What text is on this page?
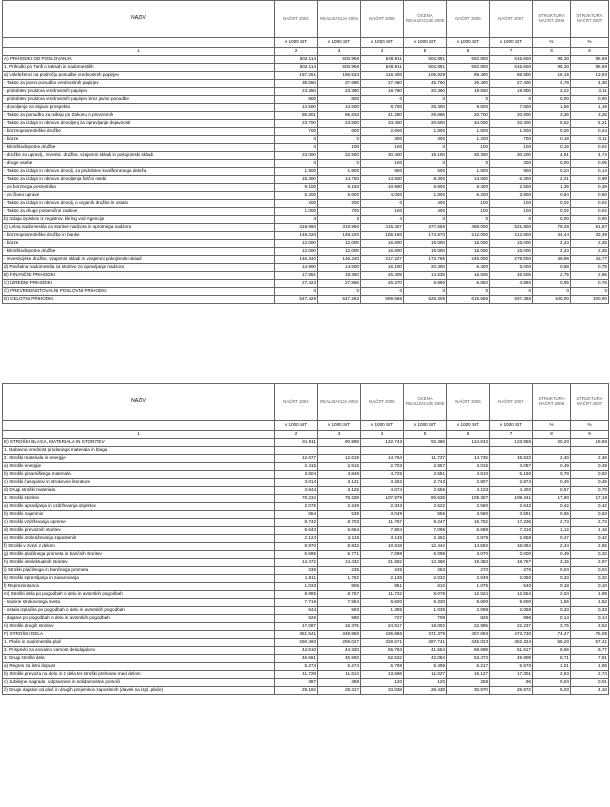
NAZIV	NAČRT 2004	REALIZACIJA 2004	NAČRT 2005	OCENA REALIZACIJE 2005	NAČRT 2006	NAČRT 2007	STRUKTURA NAČRT 2006	STRUKTURA NAČRT 2007
	v 1000 SIT	v 1000 SIT	v 1000 SIT	v 1000 SIT	v 1000 SIT	v 1000 SIT	%	%
1	2	3	4	5	6	7	8	9
A) PRIHODKI OD POSLOVANJA	502.114	500.956	548.911	504.881	592.800	615.600	96,30	96,59
1. Prihodki po Tarifi o taksah in nadomestilih	502.114	500.956	548.911	504.881	592.800	615.600	96,30	96,59
a) Udeleženci na področju ponudbe vrednostnih papirjev	167.251	166.533	118.400	106.929	99.400	88.800	16,15	13,93
- Takse za javno ponudbo vrednostnih papirjev	38.650	37.680	27.460	45.760	29.400	27.400	4,78	4,30
- pridobitev prostora vrednostnih papirjev	23.350	23.380	18.780	20.360	19.800	19.800	3,22	3,11
- pridobitev prostora vrednostnih papirjev brez javne ponudbe	800	800	0	0	0	0	0,00	0,00
- dovoljenje za objavo prospekta	14.500	13.500	8.700	25.400	9.600	7.600	1,56	1,19
- Takse za ponudbo za odkup po Zakonu o prevzemih	85.801	86.833	41.280	29.866	20.700	20.800	3,36	3,26
- Takse za izdajo in obnovo dovoljenj za opravljanje dejavnosti	23.700	23.600	33.400	20.500	34.000	33.300	5,52	5,21
- borznoposredniške družbe	700	600	2.600	1.800	1.600	1.500	0,26	0,24
- borze	0	0	300	300	1.200	700	0,19	0,11
- klirinškodepotne družbe	0	100	100	0	100	100	0,16	0,02
- družbe za upravlj., investic. družbe, vzajemni skladi in pokojninski skladi	23.000	22.900	30.400	19.100	30.300	30.200	4,91	4,74
- druge osebe	0	0	100	0	0	300	0,00	0,05
- Takse za izdajo in obnovo dovolj. za pridobitev kvalificiranega deleža	1.900	1.900	900	500	1.500	900	0,24	0,14
- Takse za izdajo in obnovo dovoljenja fizični osebi	15.300	14.750	14.500	8.300	13.600	6.300	2,21	0,99
- za borznega posrednika	9.100	9.150	10.900	6.800	8.400	2.500	1,36	0,39
- za člana uprave	6.200	5.600	4.000	1.800	5.200	3.800	0,84	0,60
- Takse za izdajo in obnovo dovolj. o organih družbe in ostalo	200	200	0	400	100	100	0,02	0,02
- Takse za druge posamične zadeve	1.000	700	100	400	100	100	0,02	0,02
b) Izdaja izpiskov iz registrov, kliring vod Agencije	3	3	4	0	0	0	0,00	0,00
c) Letna nadomestila za storitve nadzora in sprotnega nadzora	319.960	319.960	415.407	377.656	488.000	521.800	79,28	81,87
- borznoposredniške družbe in banke	149.220	149.220	168.180	174.870	212.000	212.800	34,44	33,39
- borze	12.000	12.000	15.000	15.000	15.000	15.000	2,44	2,35
- klirinškodepotne družbe	12.000	12.000	15.000	15.000	15.000	15.000	2,44	2,35
- investicijske družbe, vzajemni skladi in vzajemni pokojninski skladi	146.340	146.340	217.227	172.785	246.000	279.000	39,96	43,77
d) Pavšalna nadomestila za storitve za opravljanje nadzora	14.900	14.500	15.100	20.300	5.400	5.000	0,88	0,78
B) FINANČNI PRIHODKI	17.852	18.360	25.405	14.538	16.505	16.505	2,75	2,65
C) IZREDNI PRIHODKI	27.423	27.866	25.370	6.890	5.860	4.860	0,95	0,76
Č) PREVREDNOTOVALNI POSLOVNI PRIHODKI	0	0	0	0	0	0	0	0
D) CELOTNI PRIHODKI	547.429	547.262	599.686	526.309	615.665	637.365	100,00	100,00
NAZIV	NAČRT 2004	REALIZACIJA 2004	NAČRT 2005	OCENA REALIZACIJE 2005	NAČRT 2006	NAČRT 2007	STRUKTURA NAČRT 2006	STRUKTURA NAČRT 2007
	v 1000 SIT	v 1000 SIT	v 1000 SIT	v 1000 SIT	v 1000 SIT	v 1000 SIT	%	%
1	2	3	4	5	6	7	8	9
E) STROŠKI BLAGA, MATERIALA IN STORITEV	91.911	90.998	122.743	92.366	124.042	123.955	20,20	19,65
1. Nabavna vrednost prodanega materiala in blaga								
2. Stroški materiala in energije	12.677	12.619	14.764	11.737	14.735	15.523	2,40	2,46
a) Stroški energije	2.415	2.515	2.703	2.857	3.015	3.087	0,49	0,49
b) Stroški pisarniškega materiala	3.604	3.848	4.725	3.581	4.810	5.160	0,78	0,82
c) Stroški časopisov in strokovne literature	3.014	3.131	3.262	2.743	2.807	2.874	0,46	0,45
d) Drugi stroški materiala	3.644	3.125	4.074	2.556	4.103	4.402	0,67	0,70
3. Stroški storitev	79.234	78.339	107.979	80.629	109.307	108.441	17,80	17,19
a) Stroški upravljanja in vzdrževanja objektov	2.076	2.249	2.343	2.522	2.580	2.642	0,42	0,42
b) Stroški najemnin	554	538	3.049	556	3.580	3.591	0,65	0,63
c) Stroški vzdrževanja opreme	8.742	8.703	11.767	8.247	16.752	17.226	2,73	2,73
d) Stroški prevoznih storitev	6.643	6.664	7.804	7.096	6.689	7.316	1,12	1,16
e) Stroški izobraževanja zaposlenih	2.124	2.116	3.145	2.462	2.879	2.658	0,47	0,42
f) Stroški v zvezi z delom	8.970	8.932	10.918	12.444	14.593	16.084	2,44	2,55
g) Stroški plačilnega prometa in bančnih storitev	6.595	6.771	7.098	6.098	3.070	2.000	0,49	0,32
h) Stroški intelektualnih storitev	14.472	14.432	21.592	12.368	19.363	18.767	3,15	2,97
i) Stroški plačilnega in bančnega prometa	238	235	245	263	270	276	0,04	0,04
k) Stroški spremljanja in zavarovanja	1.811	1.762	2.136	2.032	2.049	2.050	0,33	0,32
l) Reprezentanca	1.033	805	951	610	1.075	640	0,18	0,10
m) Stroški dela po pogodbah o delu in avtorskih pogodbah	8.885	8.757	11.722	8.078	12.524	12.554	2,04	1,99
- sejnine strokovnega sveta	7.719	7.584	9.600	6.330	9.600	9.600	1,56	1,52
- ostala izplačila po pogodbah o delu in avtorskih pogodbah	544	593	1.395	1.039	2.098	2.058	0,33	0,33
- dajatve po pogodbah o delu in avtorskih pogodbah	626	580	727	709	826	896	0,14	0,14
n) Stroški drugih storitev	17.087	16.375	24.917	18.002	22.995	22.237	3,75	3,52
F) STROŠKI DELA	351.541	348.960	436.866	371.379	457.693	473.730	74,47	75,09
1. Plače in nadomestila plač	260.460	259.047	328.571	287.741	345.023	362.324	56,20	57,41
2. Prispevki za socialno varnost delodajalcev	44.510	44.320	55.763	41.554	58.698	61.617	9,56	9,77
3. Drugi stroški dela	46.581	45.593	52.532	42.084	53.473	49.909	8,71	7,91
a) Regres za letni dopust	5.274	5.274	5.788	5.499	6.217	6.670	1,01	1,06
b) Stroški prevoza na delo in z dela ter stroški prehrane med delom	11.728	11.614	13.566	11.027	16.127	17.301	2,63	2,74
c) Jubilejne nagrade, odpravnine in solidarnostne pomoči	387	388	120	120	258	66	0,04	0,01
č) Druge dajatve od plač in drugih prejemkov zaposlenih (davek na izpl. plače)	29.192	28.317	33.038	25.438	30.870	25.872	5,03	4,10
